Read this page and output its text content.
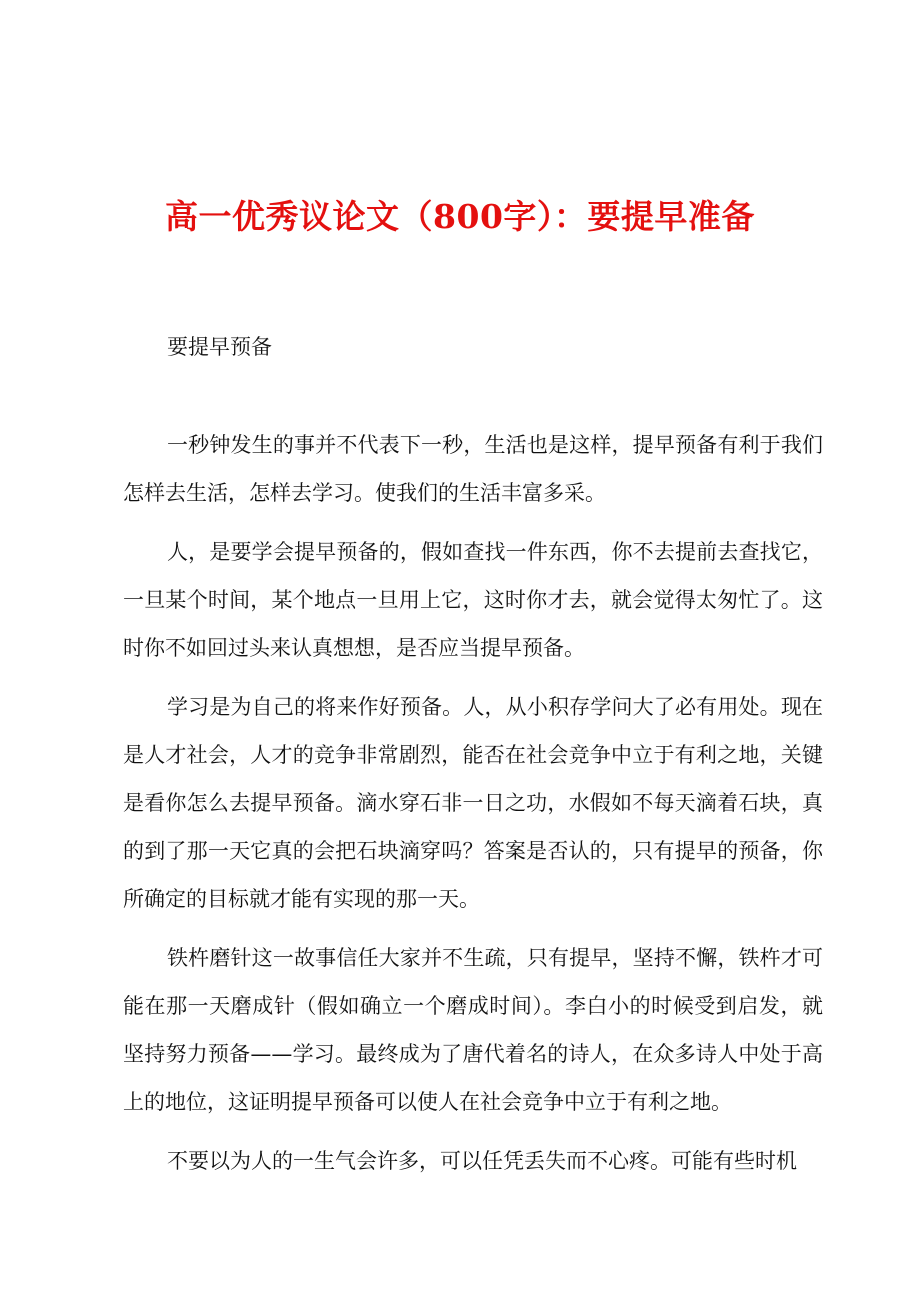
高一优秀议论文（800字）：要提早准备

要提早预备

一秒钟发生的事并不代表下一秒，生活也是这样，提早预备有利于我们怎样去生活，怎样去学习。使我们的生活丰富多采。

人，是要学会提早预备的，假如查找一件东西，你不去提前去查找它，一旦某个时间，某个地点一旦用上它，这时你才去，就会觉得太匆忙了。这时你不如回过头来认真想想，是否应当提早预备。

学习是为自己的将来作好预备。人，从小积存学问大了必有用处。现在是人才社会，人才的竞争非常剧烈，能否在社会竞争中立于有利之地，关键是看你怎么去提早预备。滴水穿石非一日之功，水假如不每天滴着石块，真的到了那一天它真的会把石块滴穿吗？答案是否认的，只有提早的预备，你所确定的目标就才能有实现的那一天。

铁杵磨针这一故事信任大家并不生疏，只有提早，坚持不懈，铁杵才可能在那一天磨成针（假如确立一个磨成时间）。李白小的时候受到启发，就坚持努力预备——学习。最终成为了唐代着名的诗人，在众多诗人中处于高上的地位，这证明提早预备可以使人在社会竞争中立于有利之地。

不要以为人的一生气会许多，可以任凭丢失而不心疼。可能有些时机
